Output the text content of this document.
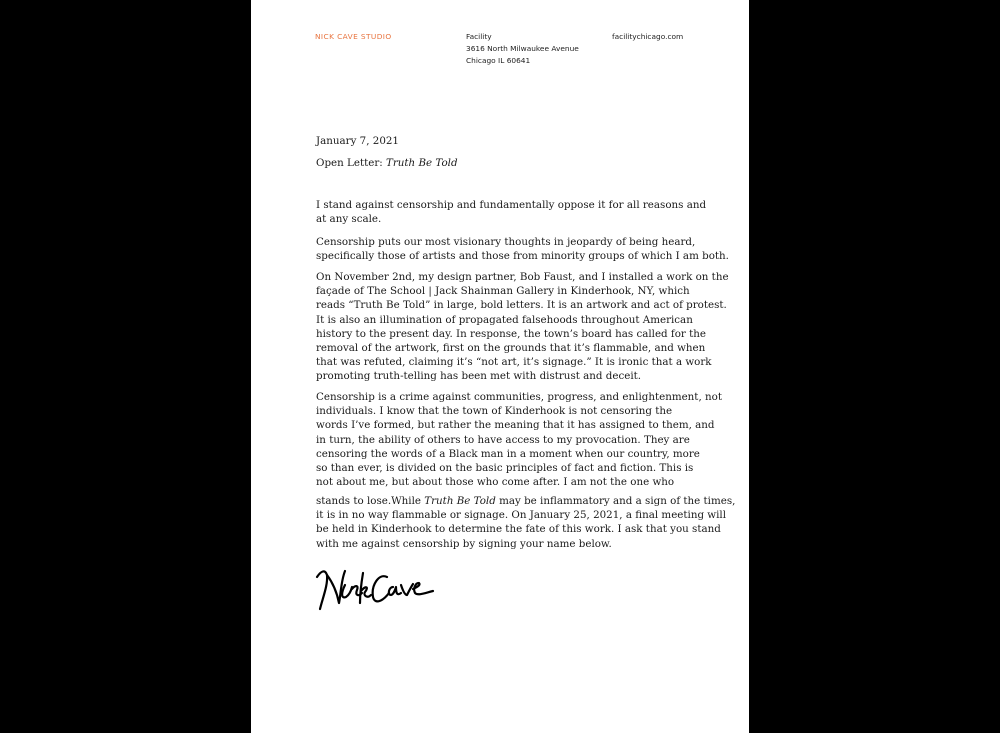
NICK CAVE STUDIO	Facility
3616 North Milwaukee Avenue
Chicago IL 60641
facilitychicago.com
January 7, 2021
Open Letter: Truth Be Told
I stand against censorship and fundamentally oppose it for all reasons and
at any scale.
Censorship puts our most visionary thoughts in jeopardy of being heard,
specifically those of artists and those from minority groups of which I am both.
On November 2nd, my design partner, Bob Faust, and I installed a work on the
façade of The School | Jack Shainman Gallery in Kinderhook, NY, which
reads “Truth Be Told” in large, bold letters. It is an artwork and act of protest.
It is also an illumination of propagated falsehoods throughout American
history to the present day. In response, the town’s board has called for the
removal of the artwork, first on the grounds that it’s flammable, and when
that was refuted, claiming it’s “not art, it’s signage.” It is ironic that a work
promoting truth-telling has been met with distrust and deceit.
Censorship is a crime against communities, progress, and enlightenment, not
individuals. I know that the town of Kinderhook is not censoring the
words I’ve formed, but rather the meaning that it has assigned to them, and
in turn, the ability of others to have access to my provocation. They are
censoring the words of a Black man in a moment when our country, more
so than ever, is divided on the basic principles of fact and fiction. This is
not about me, but about those who come after. I am not the one who
stands to lose.While Truth Be Told may be inflammatory and a sign of the times,
it is in no way flammable or signage. On January 25, 2021, a final meeting will
be held in Kinderhook to determine the fate of this work. I ask that you stand
with me against censorship by signing your name below.
